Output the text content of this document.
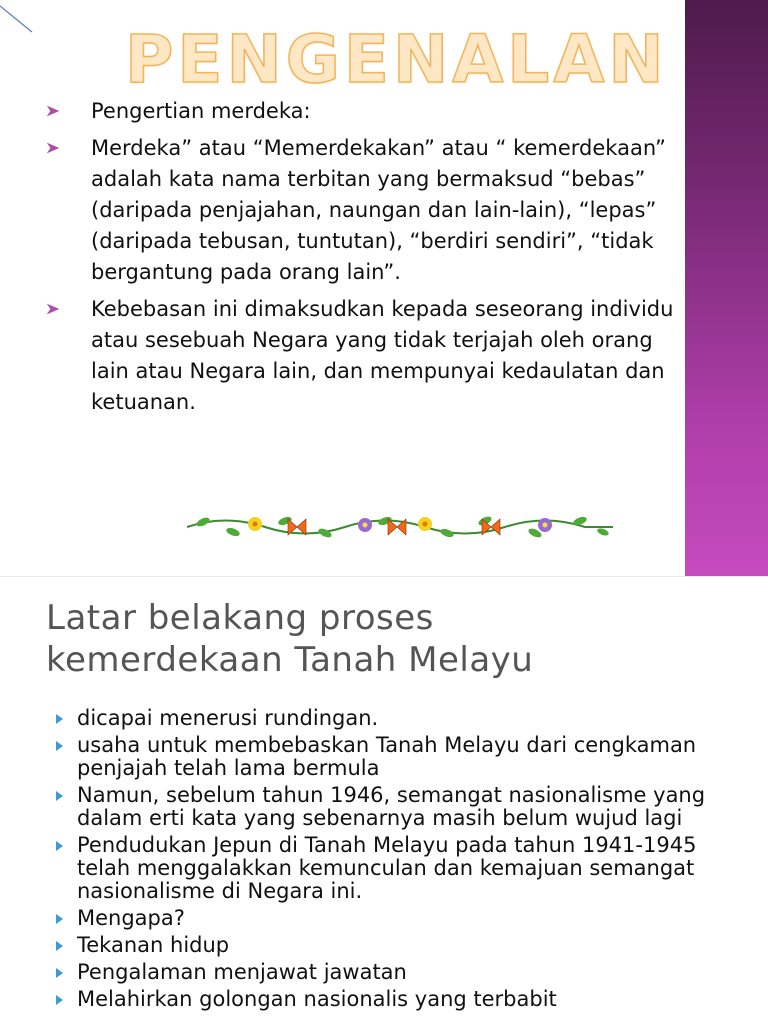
PENGENALAN
Pengertian merdeka:
Merdeka” atau “Memerdekakan” atau “ kemerdekaan” adalah kata nama terbitan yang bermaksud “bebas” (daripada penjajahan, naungan dan lain-lain), “lepas” (daripada tebusan, tuntutan), “berdiri sendiri”, “tidak bergantung pada orang lain”.
Kebebasan ini dimaksudkan kepada seseorang individu atau sesebuah Negara yang tidak terjajah oleh orang lain atau Negara lain, dan mempunyai kedaulatan dan ketuanan.
Latar belakang proses
kemerdekaan Tanah Melayu
dicapai menerusi rundingan.
usaha untuk membebaskan Tanah Melayu dari cengkaman penjajah telah lama bermula
Namun, sebelum tahun 1946, semangat nasionalisme yang dalam erti kata yang sebenarnya masih belum wujud lagi
Pendudukan Jepun di Tanah Melayu pada tahun 1941-1945 telah menggalakkan kemunculan dan kemajuan semangat nasionalisme di Negara ini.
Mengapa?
Tekanan hidup
Pengalaman menjawat jawatan
Melahirkan golongan nasionalis yang terbabit
